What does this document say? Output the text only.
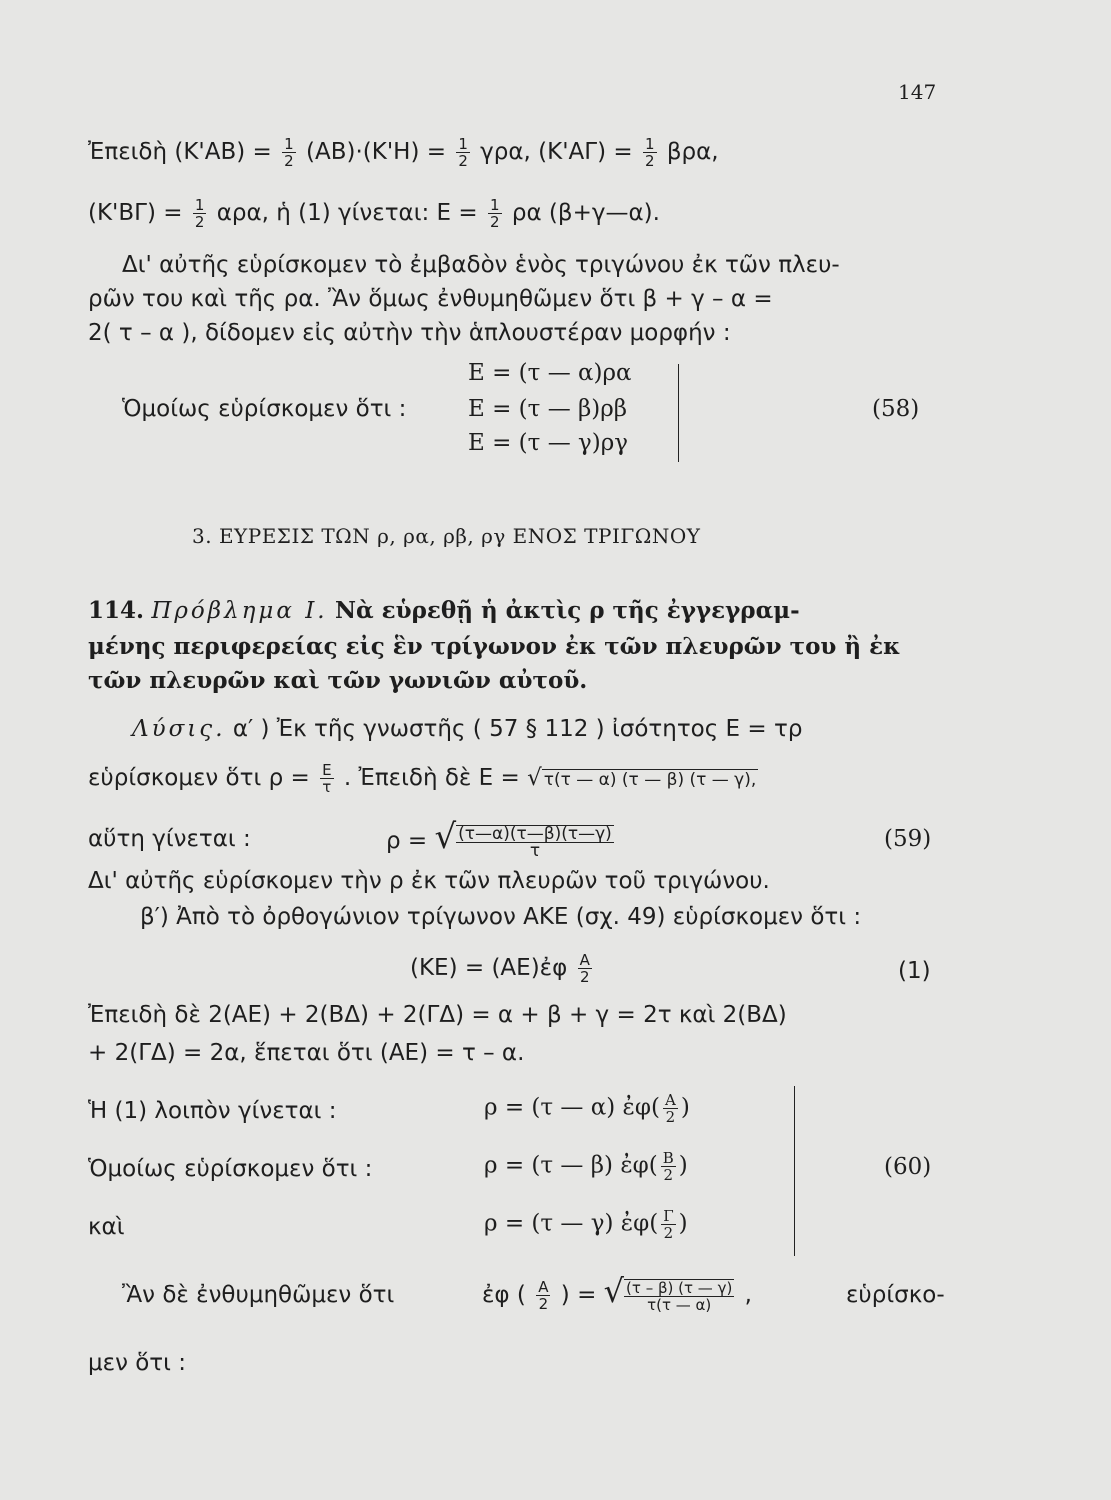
147
Ἐπειδὴ $(K'AB) = \frac{1}{2} (AB)\cdot(K'H) = \frac{1}{2} \gamma\rho\alpha$, $(K'A\Gamma) = \frac{1}{2} \beta\rho\alpha$,
$(K'B\Gamma) = \frac{1}{2} \alpha\rho\alpha$, ἡ (1) γίνεται: $E = \frac{1}{2}$ ρα (β+γ—α).
Δι' αὐτῆς εὑρίσκομεν τὸ ἐμβαδὸν ἑνὸς τριγώνου ἐκ τῶν πλευ-
ρῶν του καὶ τῆς ρα. Ἂν ὅμως ἐνθυμηθῶμεν ὅτι β + γ – α =
2( τ – α ), δίδομεν εἰς αὐτὴν τὴν ἁπλουστέραν μορφήν :
Ὁμοίως εὑρίσκομεν ὅτι :
Ε = (τ — α)ρα
Ε = (τ — β)ρβ
Ε = (τ — γ)ργ
(58)
3. ΕΥΡΕΣΙΣ ΤΩΝ ρ, ρα, ρβ, ργ ΕΝΟΣ ΤΡΙΓΩΝΟΥ
114. Πρόβλημα Ι. Νὰ εὑρεθῇ ἡ ἀκτὶς ρ τῆς ἐγγεγραμ-
μένης περιφερείας εἰς ἓν τρίγωνον ἐκ τῶν πλευρῶν του ἢ ἐκ
τῶν πλευρῶν καὶ τῶν γωνιῶν αὐτοῦ.
Λύσις. α′ ) Ἐκ τῆς γνωστῆς ( 57 § 112 ) ἰσότητος Ε = τρ
εὑρίσκομεν ὅτι $\rho = \frac{E}{\tau}$ . Ἐπειδὴ δὲ Ε = √ τ(τ — α) (τ — β) (τ — γ),
αὕτη γίνεται :	ρ = √ $\frac{(\tau—\alpha)(\tau—\beta)(\tau—\gamma)}{\tau}$	(59)
Δι' αὐτῆς εὑρίσκομεν τὴν ρ ἐκ τῶν πλευρῶν τοῦ τριγώνου.
β′) Ἀπὸ τὸ ὀρθογώνιον τρίγωνον ΑΚΕ (σχ. 49) εὑρίσκομεν ὅτι :
(ΚΕ) = (ΑΕ)ἐφ $\frac{A}{2}$	(1)
Ἐπειδὴ δὲ 2(ΑΕ) + 2(ΒΔ) + 2(ΓΔ) = α + β + γ = 2τ καὶ 2(ΒΔ)
+ 2(ΓΔ) = 2α, ἕπεται ὅτι (ΑΕ) = τ – α.
Ἡ (1) λοιπὸν γίνεται :
Ὁμοίως εὑρίσκομεν ὅτι :
καὶ
ρ = (τ — α) ἐφ( $\frac{A}{2}$ )
ρ = (τ — β) ἐφ( $\frac{B}{2}$ )
ρ = (τ — γ) ἐφ( $\frac{\Gamma}{2}$ )
(60)
Ἂν δὲ ἐνθυμηθῶμεν ὅτι	ἐφ ( $\frac{A}{2}$ ) = √ $\frac{(\tau - \beta) (\tau — \gamma)}{\tau(\tau — \alpha)}$ ,	εὑρίσκο-
μεν ὅτι :
